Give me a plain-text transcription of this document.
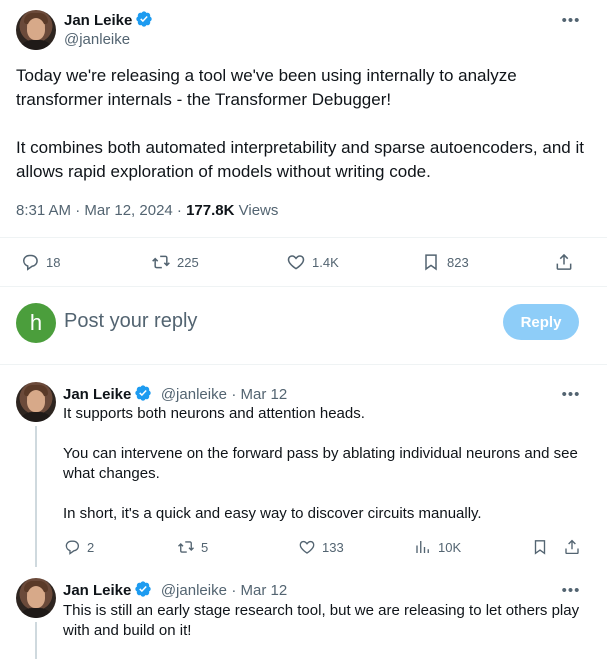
Jan Leike
@janleike
•••
Today we're releasing a tool we've been using internally to analyze transformer internals - the Transformer Debugger!

It combines both automated interpretability and sparse autoencoders, and it allows rapid exploration of models without writing code.
8:31 AM · Mar 12, 2024 · 177.8K Views
18	225	1.4K	823
h	Post your reply	Reply
Jan Leike @janleike · Mar 12	•••
It supports both neurons and attention heads.

You can intervene on the forward pass by ablating individual neurons and see what changes.

In short, it's a quick and easy way to discover circuits manually.
2	5	133	10K
Jan Leike @janleike · Mar 12	•••
This is still an early stage research tool, but we are releasing to let others play with and build on it!
